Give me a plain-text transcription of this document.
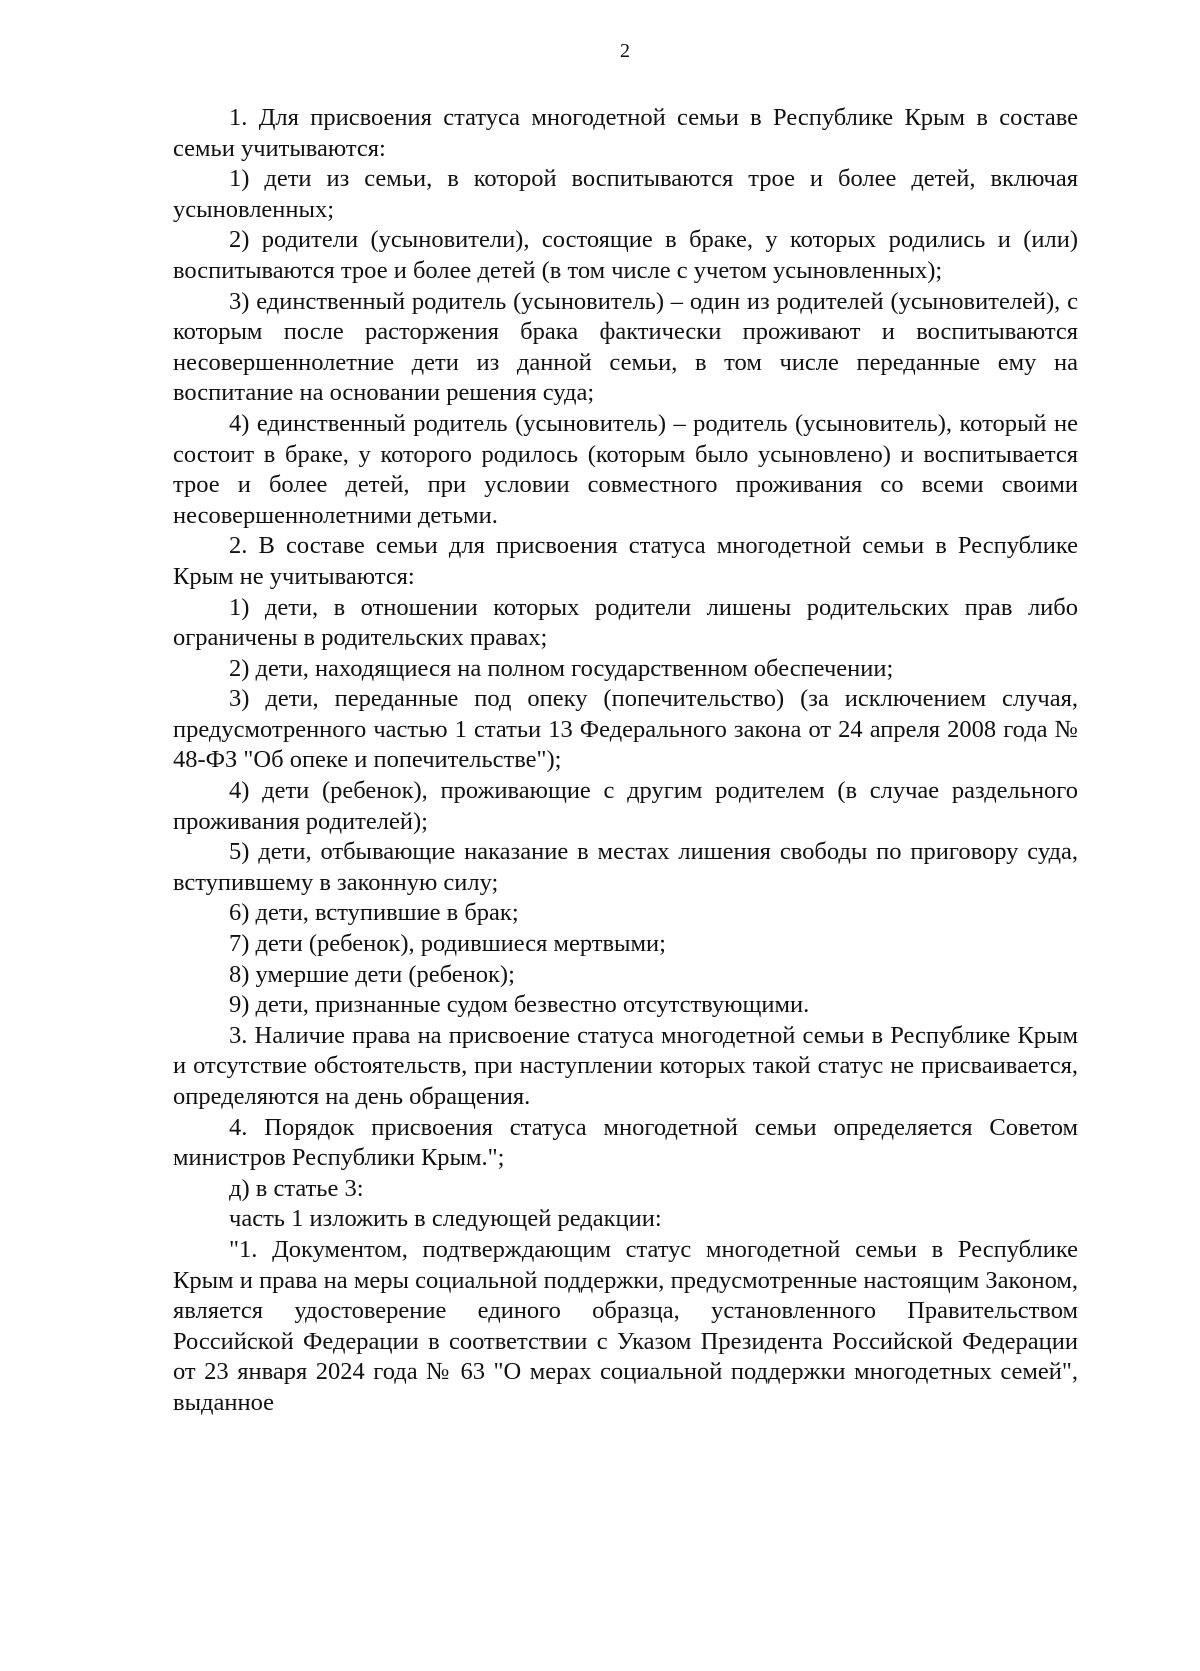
2

1. Для присвоения статуса многодетной семьи в Республике Крым в составе семьи учитываются:

1) дети из семьи, в которой воспитываются трое и более детей, включая усыновленных;

2) родители (усыновители), состоящие в браке, у которых родились и (или) воспитываются трое и более детей (в том числе с учетом усыновленных);

3) единственный родитель (усыновитель) – один из родителей (усыновителей), с которым после расторжения брака фактически проживают и воспитываются несовершеннолетние дети из данной семьи, в том числе переданные ему на воспитание на основании решения суда;

4) единственный родитель (усыновитель) – родитель (усыновитель), который не состоит в браке, у которого родилось (которым было усыновлено) и воспитывается трое и более детей, при условии совместного проживания со всеми своими несовершеннолетними детьми.

2. В составе семьи для присвоения статуса многодетной семьи в Республике Крым не учитываются:

1) дети, в отношении которых родители лишены родительских прав либо ограничены в родительских правах;

2) дети, находящиеся на полном государственном обеспечении;

3) дети, переданные под опеку (попечительство) (за исключением случая, предусмотренного частью 1 статьи 13 Федерального закона от 24 апреля 2008 года № 48-ФЗ "Об опеке и попечительстве");

4) дети (ребенок), проживающие с другим родителем (в случае раздельного проживания родителей);

5) дети, отбывающие наказание в местах лишения свободы по приговору суда, вступившему в законную силу;

6) дети, вступившие в брак;

7) дети (ребенок), родившиеся мертвыми;

8) умершие дети (ребенок);

9) дети, признанные судом безвестно отсутствующими.

3. Наличие права на присвоение статуса многодетной семьи в Республике Крым и отсутствие обстоятельств, при наступлении которых такой статус не присваивается, определяются на день обращения.

4. Порядок присвоения статуса многодетной семьи определяется Советом министров Республики Крым.";

д) в статье 3:

часть 1 изложить в следующей редакции:

"1. Документом, подтверждающим статус многодетной семьи в Республике Крым и права на меры социальной поддержки, предусмотренные настоящим Законом, является удостоверение единого образца, установленного Правительством Российской Федерации в соответствии с Указом Президента Российской Федерации от 23 января 2024 года № 63 "О мерах социальной поддержки многодетных семей", выданное
